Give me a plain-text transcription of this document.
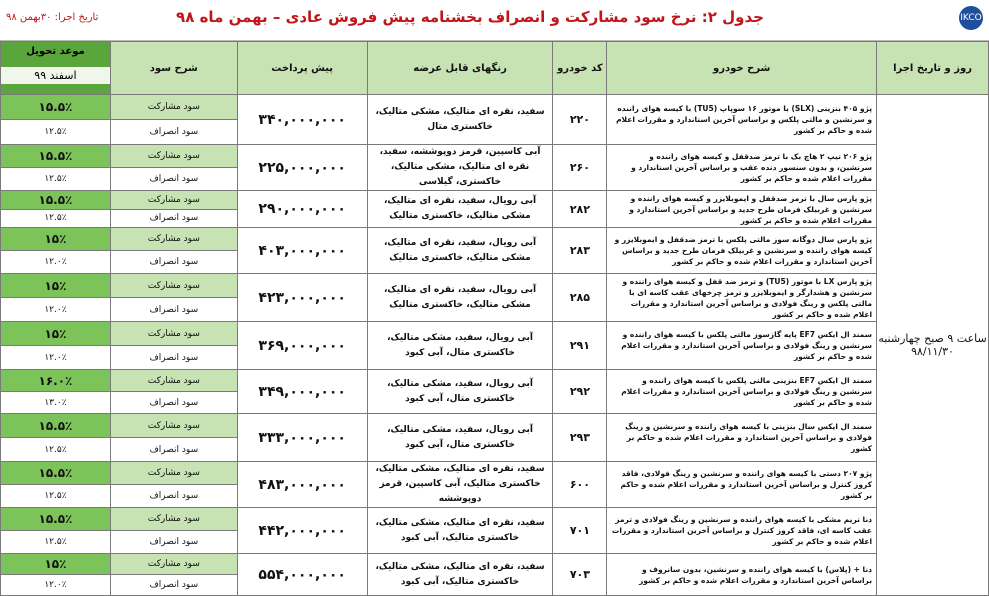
تاریخ اجرا: ۳۰بهمن ۹۸	جدول ۲: نرخ سود مشارکت و انصراف بخشنامه پیش فروش عادی – بهمن ماه ۹۸	IKCO
موعد تحویل
اسفند ۹۹	شرح سود	پیش پرداخت	رنگهای قابل عرضه	کد خودرو	شرح خودرو	روز و تاریخ اجرا
۱۵.۵٪	سود مشارکت	۳۴۰,۰۰۰,۰۰۰	سفید، نقره ای متالیک، مشکی متالیک، خاکستری متال	۲۲۰	پژو ۴۰۵ بنزینی (SLX) با موتور ۱۶ سوپاپ (TU5) با کیسه هوای راننده و سرنشین و مالتی پلکس و براساس آخرین استاندارد و مقررات اعلام شده و حاکم بر کشور	ساعت ۹ صبح چهارشنبه
۹۸/۱۱/۳۰

۱۲.۵٪	سود انصراف					
۱۵.۵٪	سود مشارکت	۲۲۵,۰۰۰,۰۰۰	آبی کاسپین، قرمز دوپوششه، سفید، نقره ای متالیک، مشکی متالیک، خاکستری، گیلاسی	۲۶۰	پژو ۲۰۶ تیپ ۲ هاچ بک با ترمز ضدقفل و کیسه هوای راننده و سرنشین، و بدون سنسور دنده عقب و براساس آخرین استاندارد و مقررات اعلام شده و حاکم بر کشور	
۱۲.۵٪	سود انصراف					
۱۵.۵٪	سود مشارکت	۲۹۰,۰۰۰,۰۰۰	آبی رویال، سفید، نقره ای متالیک، مشکی متالیک، خاکستری متالیک	۲۸۲	پژو پارس سال با ترمز ضدقفل و ایموبلایزر و کیسه هوای راننده و سرنشین و غربیلک فرمان طرح جدید و براساس آخرین استاندارد و مقررات اعلام شده و حاکم بر کشور	
۱۲.۵٪	سود انصراف					
۱۵٪	سود مشارکت	۴۰۳,۰۰۰,۰۰۰	آبی رویال، سفید، نقره ای متالیک، مشکی متالیک، خاکستری متالیک	۲۸۳	پژو پارس سال دوگانه سوز مالتی پلکس با ترمز ضدقفل و ایموبلایزر و کیسه هوای راننده و سرنشین و غربیلک فرمان طرح جدید و براساس آخرین استاندارد و مقررات اعلام شده و حاکم بر کشور	
۱۲.۰٪	سود انصراف					
۱۵٪	سود مشارکت	۴۲۳,۰۰۰,۰۰۰	آبی رویال، سفید، نقره ای متالیک، مشکی متالیک، خاکستری متالیک	۲۸۵	پژو پارس LX با موتور (TU5) و ترمز ضد قفل و کیسه هوای راننده و سرنشین و هشدارگر و ایموبلایزر و ترمز چرخهای عقب کاسه ای با مالتی پلکس و رینگ فولادی و براساس آخرین استاندارد و مقررات اعلام شده و حاکم بر کشور	
۱۲.۰٪	سود انصراف					
۱۵٪	سود مشارکت	۳۶۹,۰۰۰,۰۰۰	آبی رویال، سفید، مشکی متالیک، خاکستری متال، آبی کبود	۲۹۱	سمند ال ایکس EF7 پایه گازسوز مالتی پلکس با کیسه هوای راننده و سرنشین و رینگ فولادی و براساس آخرین استاندارد و مقررات اعلام شده و حاکم بر کشور	
۱۲.۰٪	سود انصراف					
۱۶.۰٪	سود مشارکت	۳۴۹,۰۰۰,۰۰۰	آبی رویال، سفید، مشکی متالیک، خاکستری متال، آبی کبود	۲۹۲	سمند ال ایکس EF7 بنزینی مالتی پلکس با کیسه هوای راننده و سرنشین و رینگ فولادی و براساس آخرین استاندارد و مقررات اعلام شده و حاکم بر کشور	
۱۳.۰٪	سود انصراف					
۱۵.۵٪	سود مشارکت	۳۳۳,۰۰۰,۰۰۰	آبی رویال، سفید، مشکی متالیک، خاکستری متال، آبی کبود	۲۹۳	سمند ال ایکس سال بنزینی با کیسه هوای راننده و سرنشین و رینگ فولادی و براساس آخرین استاندارد و مقررات اعلام شده و حاکم بر کشور	
۱۲.۵٪	سود انصراف					
۱۵.۵٪	سود مشارکت	۴۸۳,۰۰۰,۰۰۰	سفید، نقره ای متالیک، مشکی متالیک، خاکستری متالیک، آبی کاسپین، قرمز دوپوششه	۶۰۰	پژو ۲۰۷ دستی با کیسه هوای راننده و سرنشین و رینگ فولادی، فاقد کروز کنترل و براساس آخرین استاندارد و مقررات اعلام شده و حاکم بر کشور	
۱۲.۵٪	سود انصراف					
۱۵.۵٪	سود مشارکت	۴۴۲,۰۰۰,۰۰۰	سفید، نقره ای متالیک، مشکی متالیک، خاکستری متالیک، آبی کبود	۷۰۱	دنا تریم مشکی با کیسه هوای راننده و سرنشین و رینگ فولادی و ترمز عقب کاسه ای، فاقد کروز کنترل و براساس آخرین استاندارد و مقررات اعلام شده و حاکم بر کشور	
۱۲.۵٪	سود انصراف					
۱۵٪	سود مشارکت	۵۵۴,۰۰۰,۰۰۰	سفید، نقره ای متالیک، مشکی متالیک، خاکستری متالیک، آبی کبود	۷۰۳	دنا + (پلاس) با کیسه هوای راننده و سرنشین، بدون سانروف و براساس آخرین استاندارد و مقررات اعلام شده و حاکم بر کشور	
۱۲.۰٪	سود انصراف					
